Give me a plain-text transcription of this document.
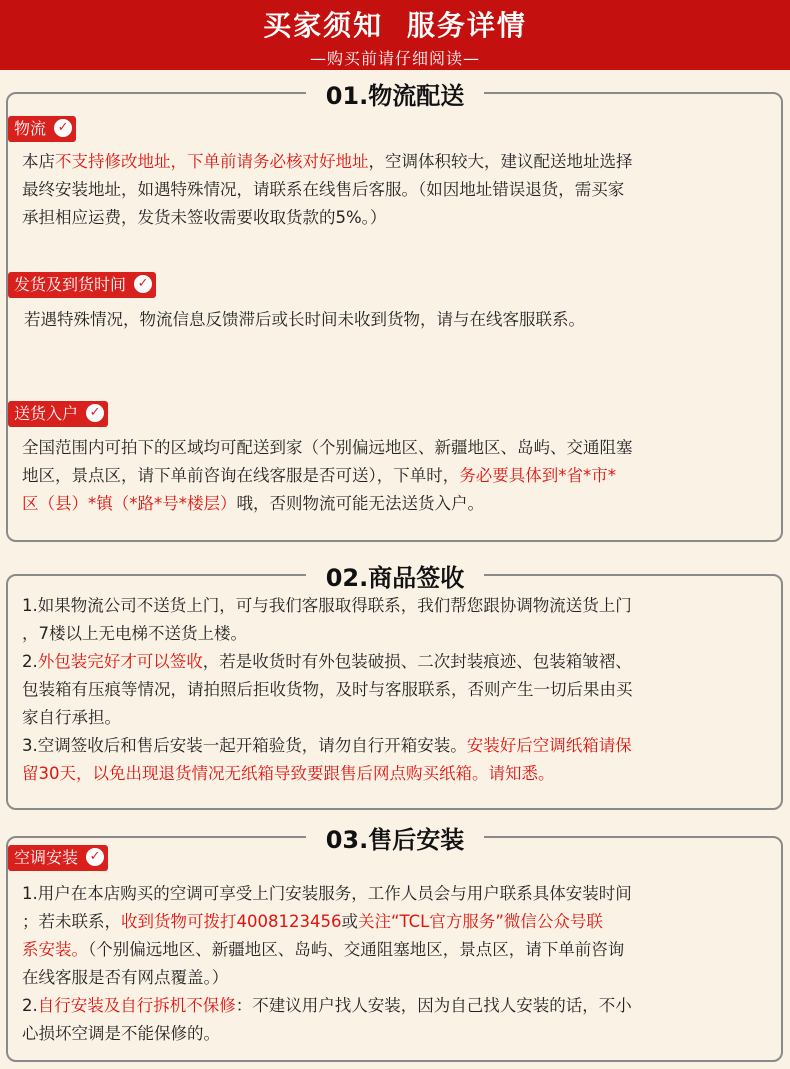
买家须知 服务详情
—购买前请仔细阅读—
01.物流配送
物流 ✓
本店不支持修改地址，下单前请务必核对好地址，空调体积较大，建议配送地址选择
最终安装地址，如遇特殊情况，请联系在线售后客服。（如因地址错误退货，需买家
承担相应运费，发货未签收需要收取货款的5%。）
发货及到货时间 ✓
若遇特殊情况，物流信息反馈滞后或长时间未收到货物，请与在线客服联系。
送货入户 ✓
全国范围内可拍下的区域均可配送到家（个别偏远地区、新疆地区、岛屿、交通阻塞
地区，景点区，请下单前咨询在线客服是否可送），下单时，务必要具体到*省*市*
区（县）*镇（*路*号*楼层）哦，否则物流可能无法送货入户。
02.商品签收
1.如果物流公司不送货上门，可与我们客服取得联系，我们帮您跟协调物流送货上门
，7楼以上无电梯不送货上楼。
2.外包装完好才可以签收，若是收货时有外包装破损、二次封装痕迹、包装箱皱褶、
包装箱有压痕等情况，请拍照后拒收货物，及时与客服联系，否则产生一切后果由买
家自行承担。
3.空调签收后和售后安装一起开箱验货，请勿自行开箱安装。安装好后空调纸箱请保
留30天，以免出现退货情况无纸箱导致要跟售后网点购买纸箱。请知悉。
03.售后安装
空调安装 ✓
1.用户在本店购买的空调可享受上门安装服务，工作人员会与用户联系具体安装时间
；若未联系，收到货物可拨打4008123456或关注“TCL官方服务”微信公众号联
系安装。（个别偏远地区、新疆地区、岛屿、交通阻塞地区，景点区，请下单前咨询
在线客服是否有网点覆盖。）
2.自行安装及自行拆机不保修：不建议用户找人安装，因为自己找人安装的话，不小
心损坏空调是不能保修的。
